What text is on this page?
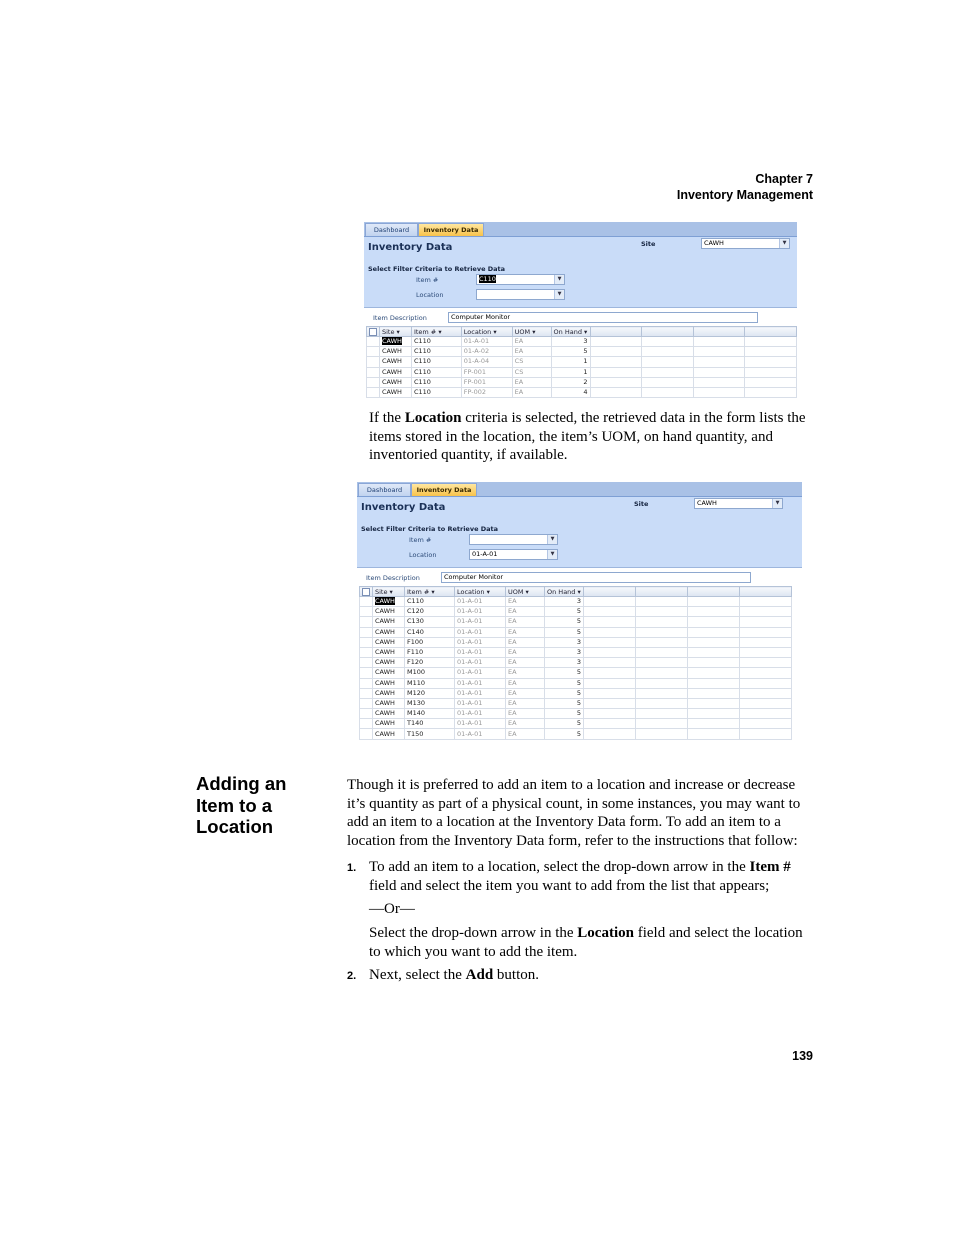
Chapter 7
Inventory Management
Dashboard	Inventory Data
Inventory Data
Select Filter Criteria to Retrieve Data
Item #	C110	▼
Location	▼
Site	CAWH	▼
Item Description	Computer Monitor
	Site ▾	Item # ▾	Location ▾	UOM ▾	On Hand ▾				
	CAWH	C110	01-A-01	EA	3				
	CAWH	C110	01-A-02	EA	5				
	CAWH	C110	01-A-04	CS	1				
	CAWH	C110	FP-001	CS	1				
	CAWH	C110	FP-001	EA	2				
	CAWH	C110	FP-002	EA	4				
If the Location criteria is selected, the retrieved data in the form lists the items stored in the location, the item’s UOM, on hand quantity, and inventoried quantity, if available.
Dashboard	Inventory Data
Inventory Data
Select Filter Criteria to Retrieve Data
Item #	▼
Location	01-A-01	▼
Site	CAWH	▼
Item Description	Computer Monitor
	Site ▾	Item # ▾	Location ▾	UOM ▾	On Hand ▾				
	CAWH	C110	01-A-01	EA	3				
	CAWH	C120	01-A-01	EA	5				
	CAWH	C130	01-A-01	EA	5				
	CAWH	C140	01-A-01	EA	5				
	CAWH	F100	01-A-01	EA	3				
	CAWH	F110	01-A-01	EA	3				
	CAWH	F120	01-A-01	EA	3				
	CAWH	M100	01-A-01	EA	5				
	CAWH	M110	01-A-01	EA	5				
	CAWH	M120	01-A-01	EA	5				
	CAWH	M130	01-A-01	EA	5				
	CAWH	M140	01-A-01	EA	5				
	CAWH	T140	01-A-01	EA	5				
	CAWH	T150	01-A-01	EA	5				
Adding an
Item to a
Location
Though it is preferred to add an item to a location and increase or decrease it’s quantity as part of a physical count, in some instances, you may want to add an item to a location at the Inventory Data form. To add an item to a location from the Inventory Data form, refer to the instructions that follow:
1. To add an item to a location, select the drop-down arrow in the Item # field and select the item you want to add from the list that appears;
—Or—
Select the drop-down arrow in the Location field and select the location to which you want to add the item.
2. Next, select the Add button.
139
